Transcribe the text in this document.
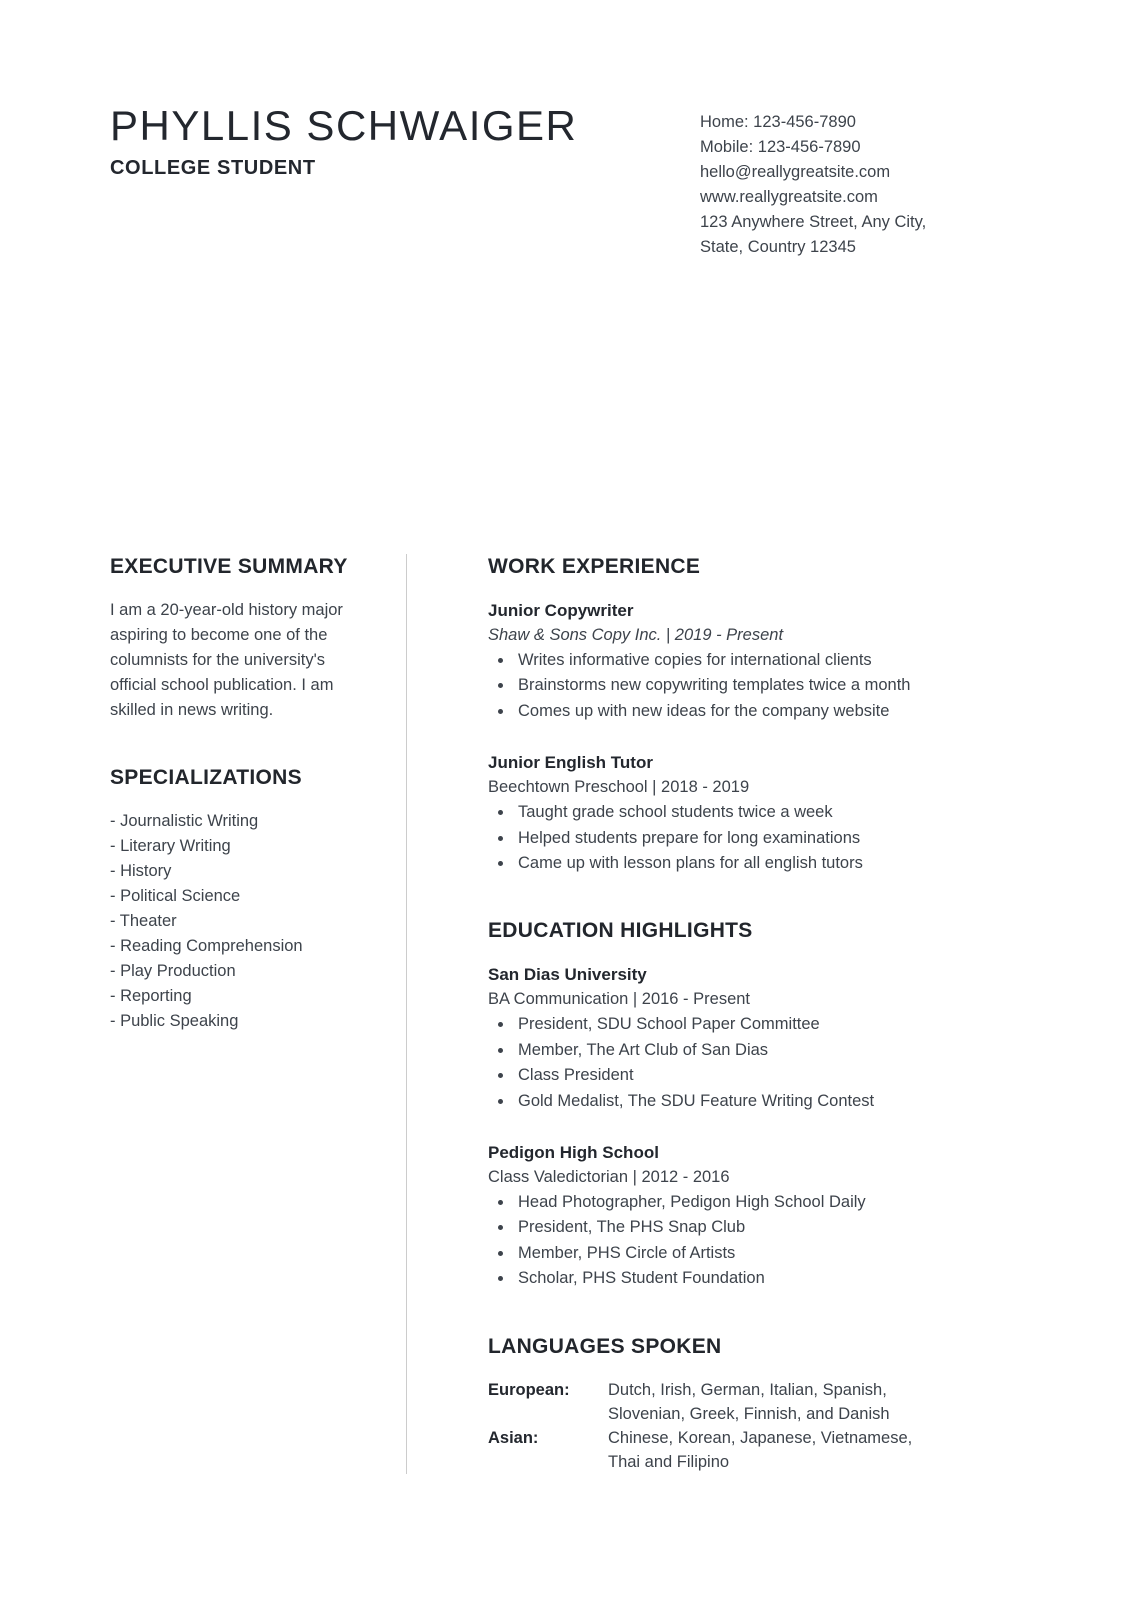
PHYLLIS SCHWAIGER
COLLEGE STUDENT
Home: 123-456-7890
Mobile: 123-456-7890
hello@reallygreatsite.com
www.reallygreatsite.com
123 Anywhere Street, Any City,
State, Country 12345
EXECUTIVE SUMMARY
I am a 20-year-old history major aspiring to become one of the columnists for the university's official school publication. I am skilled in news writing.
SPECIALIZATIONS
- Journalistic Writing
- Literary Writing
- History
- Political Science
- Theater
- Reading Comprehension
- Play Production
- Reporting
- Public Speaking
WORK EXPERIENCE
Junior Copywriter
Shaw & Sons Copy Inc. | 2019 - Present
• Writes informative copies for international clients
• Brainstorms new copywriting templates twice a month
• Comes up with new ideas for the company website
Junior English Tutor
Beechtown Preschool | 2018 - 2019
• Taught grade school students twice a week
• Helped students prepare for long examinations
• Came up with lesson plans for all english tutors
EDUCATION HIGHLIGHTS
San Dias University
BA Communication | 2016 - Present
• President, SDU School Paper Committee
• Member, The Art Club of San Dias
• Class President
• Gold Medalist, The SDU Feature Writing Contest
Pedigon High School
Class Valedictorian | 2012 - 2016
• Head Photographer, Pedigon High School Daily
• President, The PHS Snap Club
• Member, PHS Circle of Artists
• Scholar, PHS Student Foundation
LANGUAGES SPOKEN
European:	Dutch, Irish, German, Italian, Spanish, Slovenian, Greek, Finnish, and Danish
Asian:	Chinese, Korean, Japanese, Vietnamese, Thai and Filipino
